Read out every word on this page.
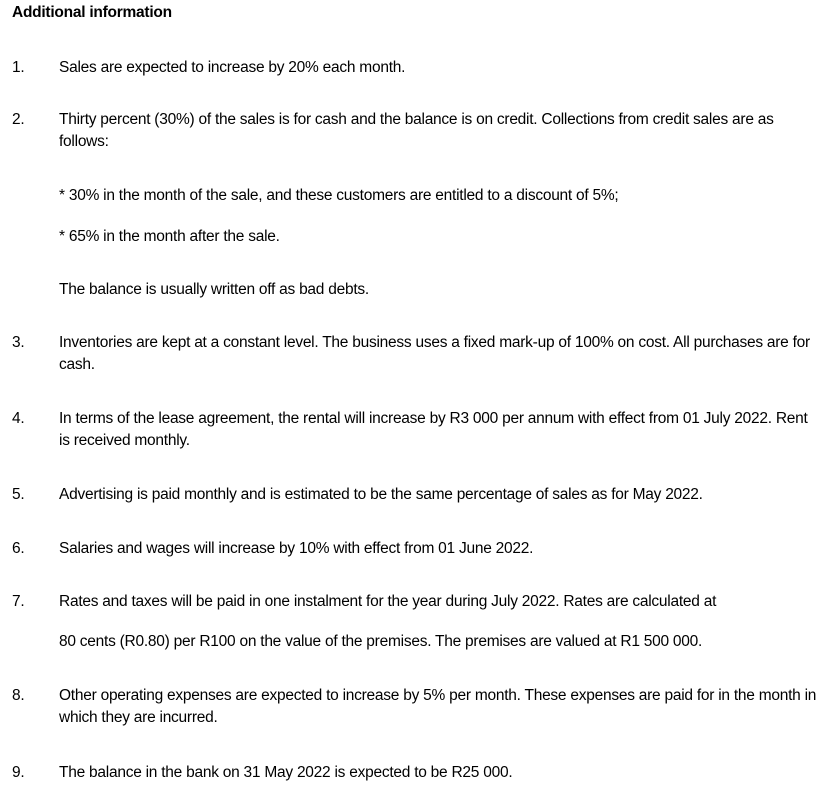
Additional information
1.	Sales are expected to increase by 20% each month.
2.	Thirty percent (30%) of the sales is for cash and the balance is on credit. Collections from credit sales are as follows:
* 30% in the month of the sale, and these customers are entitled to a discount of 5%;
* 65% in the month after the sale.
The balance is usually written off as bad debts.
3.	Inventories are kept at a constant level. The business uses a fixed mark-up of 100% on cost. All purchases are for cash.
4.	In terms of the lease agreement, the rental will increase by R3 000 per annum with effect from 01 July 2022. Rent is received monthly.
5.	Advertising is paid monthly and is estimated to be the same percentage of sales as for May 2022.
6.	Salaries and wages will increase by 10% with effect from 01 June 2022.
7.	Rates and taxes will be paid in one instalment for the year during July 2022. Rates are calculated at
80 cents (R0.80) per R100 on the value of the premises. The premises are valued at R1 500 000.
8.	Other operating expenses are expected to increase by 5% per month. These expenses are paid for in the month in which they are incurred.
9.	The balance in the bank on 31 May 2022 is expected to be R25 000.
